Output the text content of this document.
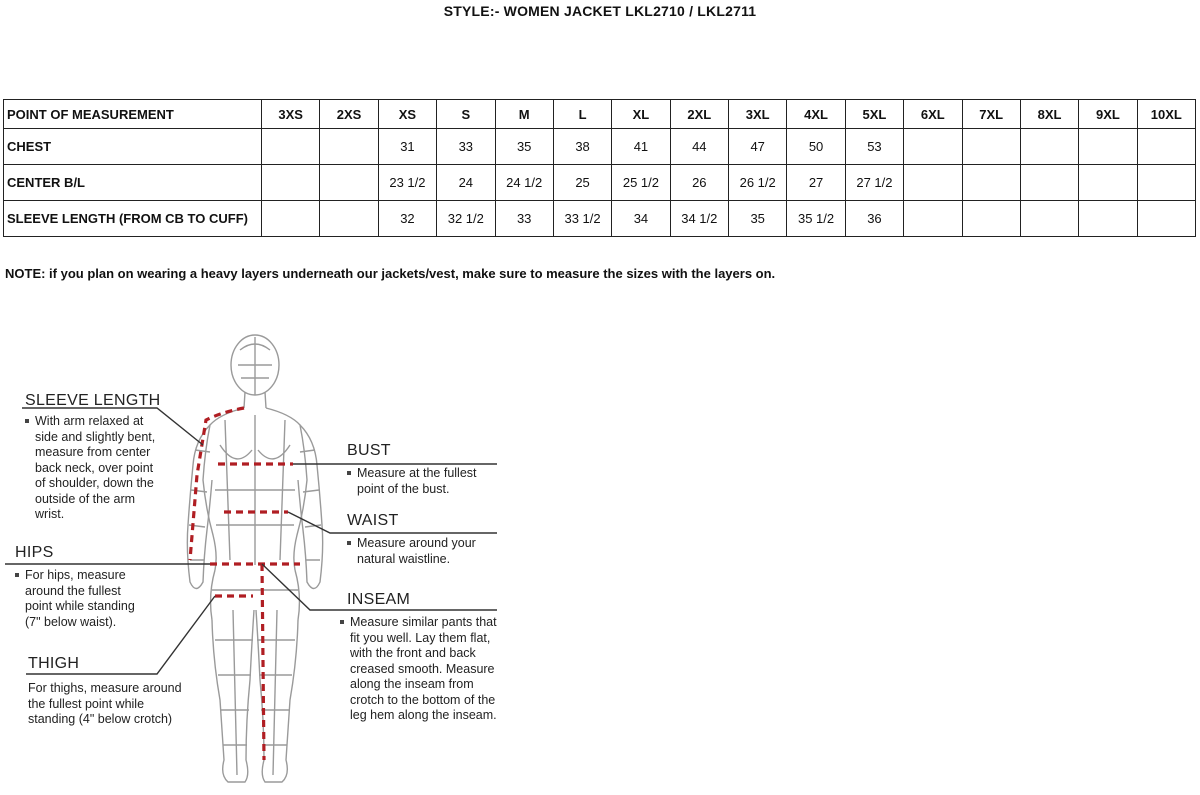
STYLE:- WOMEN JACKET LKL2710 / LKL2711
POINT OF MEASUREMENT	3XS	2XS	XS	S	M	L	XL	2XL	3XL	4XL	5XL	6XL	7XL	8XL	9XL	10XL
CHEST			31	33	35	38	41	44	47	50	53					
CENTER B/L			23 1/2	24	24 1/2	25	25 1/2	26	26 1/2	27	27 1/2					
SLEEVE LENGTH (FROM CB TO CUFF)			32	32 1/2	33	33 1/2	34	34 1/2	35	35 1/2	36					
NOTE: if you plan on wearing a heavy layers underneath our jackets/vest, make sure to measure the sizes with the layers on.
SLEEVE LENGTH
With arm relaxed at side and slightly bent, measure from center back neck, over point of shoulder, down the outside of the arm wrist.
HIPS
For hips, measure around the fullest point while standing (7" below waist).
THIGH
For thighs, measure around the fullest point while standing (4" below crotch)
BUST
Measure at the fullest point of the bust.
WAIST
Measure around your natural waistline.
INSEAM
Measure similar pants that fit you well. Lay them flat, with the front and back creased smooth. Measure along the inseam from crotch to the bottom of the leg hem along the inseam.
